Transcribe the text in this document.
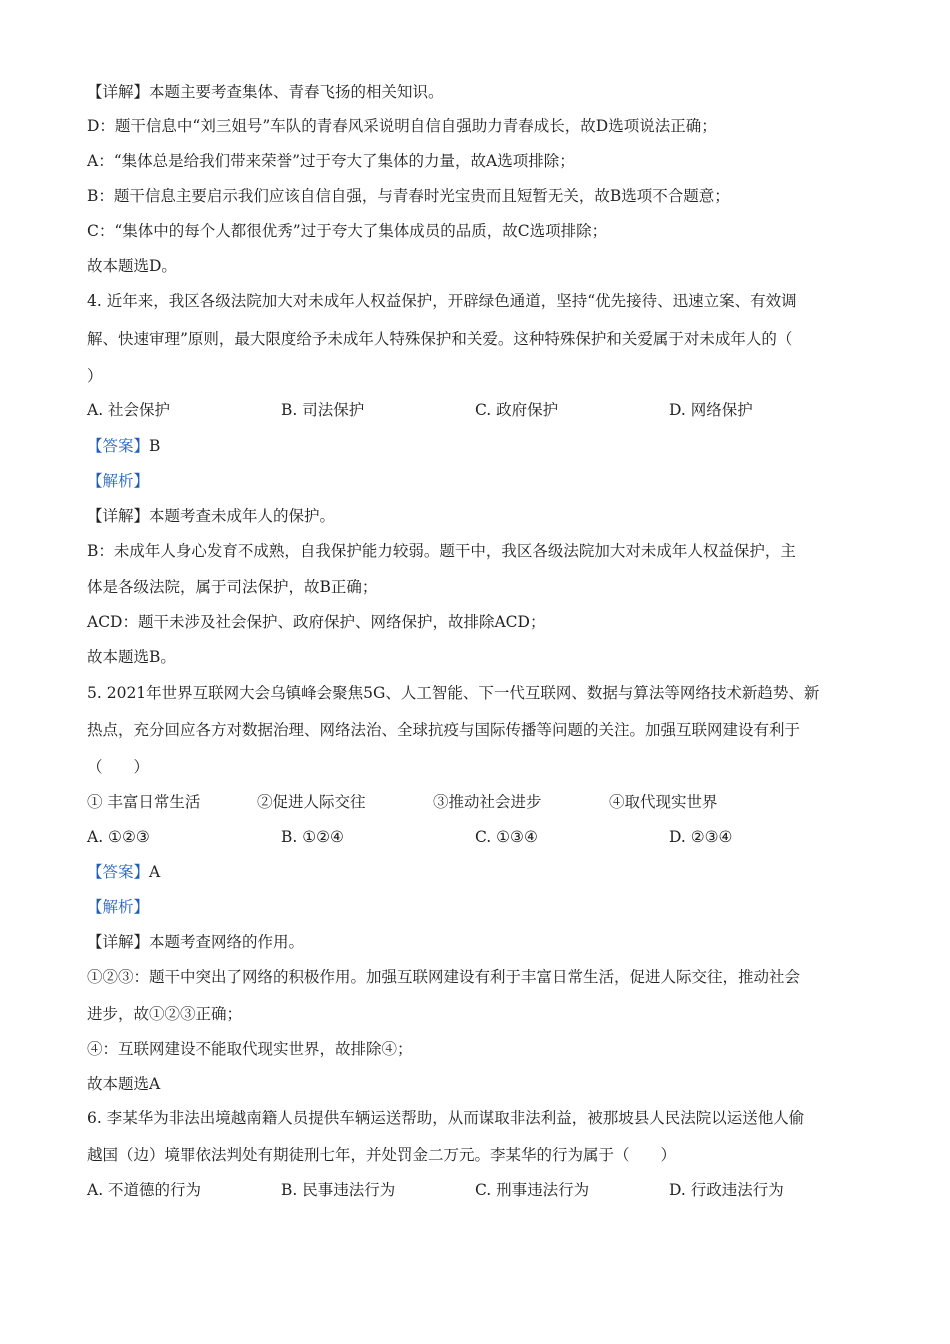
【详解】本题主要考查集体、青春飞扬的相关知识。
D：题干信息中“刘三姐号”车队的青春风采说明自信自强助力青春成长，故D选项说法正确；
A：“集体总是给我们带来荣誉”过于夸大了集体的力量，故A选项排除；
B：题干信息主要启示我们应该自信自强，与青春时光宝贵而且短暂无关，故B选项不合题意；
C：“集体中的每个人都很优秀”过于夸大了集体成员的品质，故C选项排除；
故本题选D。
4. 近年来，我区各级法院加大对未成年人权益保护，开辟绿色通道，坚持“优先接待、迅速立案、有效调
解、快速审理”原则，最大限度给予未成年人特殊保护和关爱。这种特殊保护和关爱属于对未成年人的（
）
A. 社会保护	B. 司法保护	C. 政府保护	D. 网络保护
【答案】B
【解析】
【详解】本题考查未成年人的保护。
B：未成年人身心发育不成熟，自我保护能力较弱。题干中，我区各级法院加大对未成年人权益保护，主
体是各级法院，属于司法保护，故B正确；
ACD：题干未涉及社会保护、政府保护、网络保护，故排除ACD；
故本题选B。
5. 2021年世界互联网大会乌镇峰会聚焦5G、人工智能、下一代互联网、数据与算法等网络技术新趋势、新
热点，充分回应各方对数据治理、网络法治、全球抗疫与国际传播等问题的关注。加强互联网建设有利于
（　　）
① 丰富日常生活	②促进人际交往	③推动社会进步	④取代现实世界
A. ①②③	B. ①②④	C. ①③④	D. ②③④
【答案】A
【解析】
【详解】本题考查网络的作用。
①②③：题干中突出了网络的积极作用。加强互联网建设有利于丰富日常生活，促进人际交往，推动社会
进步，故①②③正确；
④：互联网建设不能取代现实世界，故排除④；
故本题选A
6. 李某华为非法出境越南籍人员提供车辆运送帮助，从而谋取非法利益，被那坡县人民法院以运送他人偷
越国（边）境罪依法判处有期徒刑七年，并处罚金二万元。李某华的行为属于（　　）
A. 不道德的行为	B. 民事违法行为	C. 刑事违法行为	D. 行政违法行为
